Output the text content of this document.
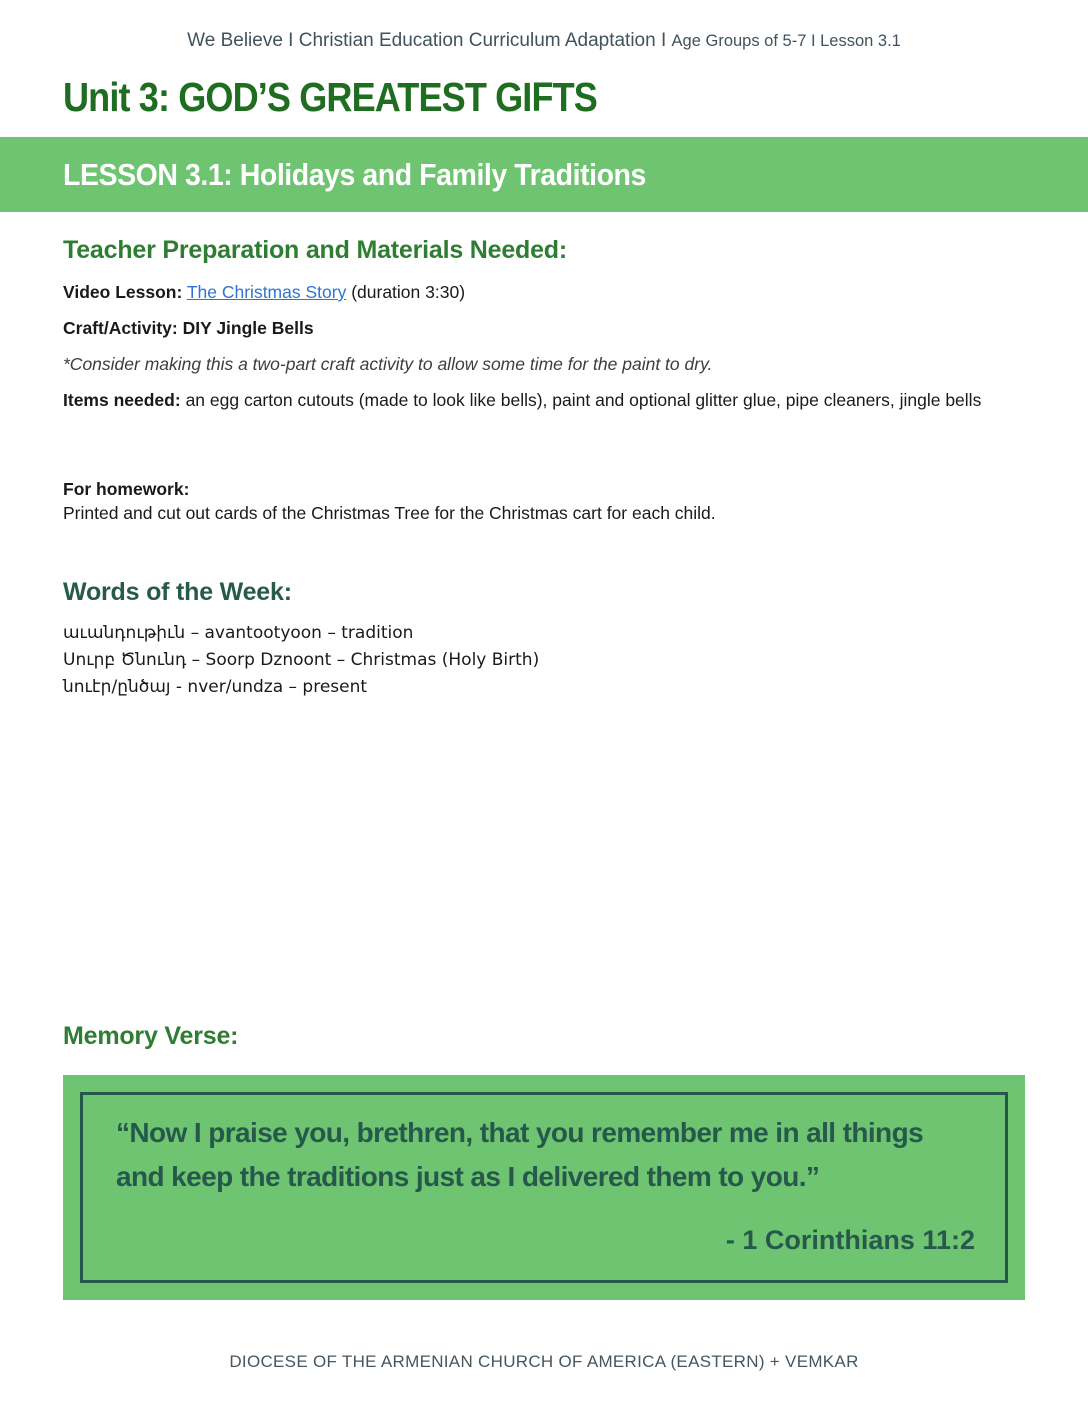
We Believe I Christian Education Curriculum Adaptation I Age Groups of 5-7 I Lesson 3.1
Unit 3: GOD’S GREATEST GIFTS
LESSON 3.1: Holidays and Family Traditions
Teacher Preparation and Materials Needed:

Video Lesson: The Christmas Story (duration 3:30)

Craft/Activity: DIY Jingle Bells

*Consider making this a two-part craft activity to allow some time for the paint to dry.

Items needed: an egg carton cutouts (made to look like bells), paint and optional glitter glue, pipe cleaners, jingle bells

For homework:

Printed and cut out cards of the Christmas Tree for the Christmas cart for each child.

Words of the Week:
աւանդութիւն – avantootyoon – tradition
Սուրբ Ծնունդ – Soorp Dznoont – Christmas (Holy Birth)
նուէր/ընծայ - nver/undza – present
Memory Verse:

“Now I praise you, brethren, that you remember me in all things and keep the traditions just as I delivered them to you.”

- 1 Corinthians 11:2

DIOCESE OF THE ARMENIAN CHURCH OF AMERICA (EASTERN) + VEMKAR
